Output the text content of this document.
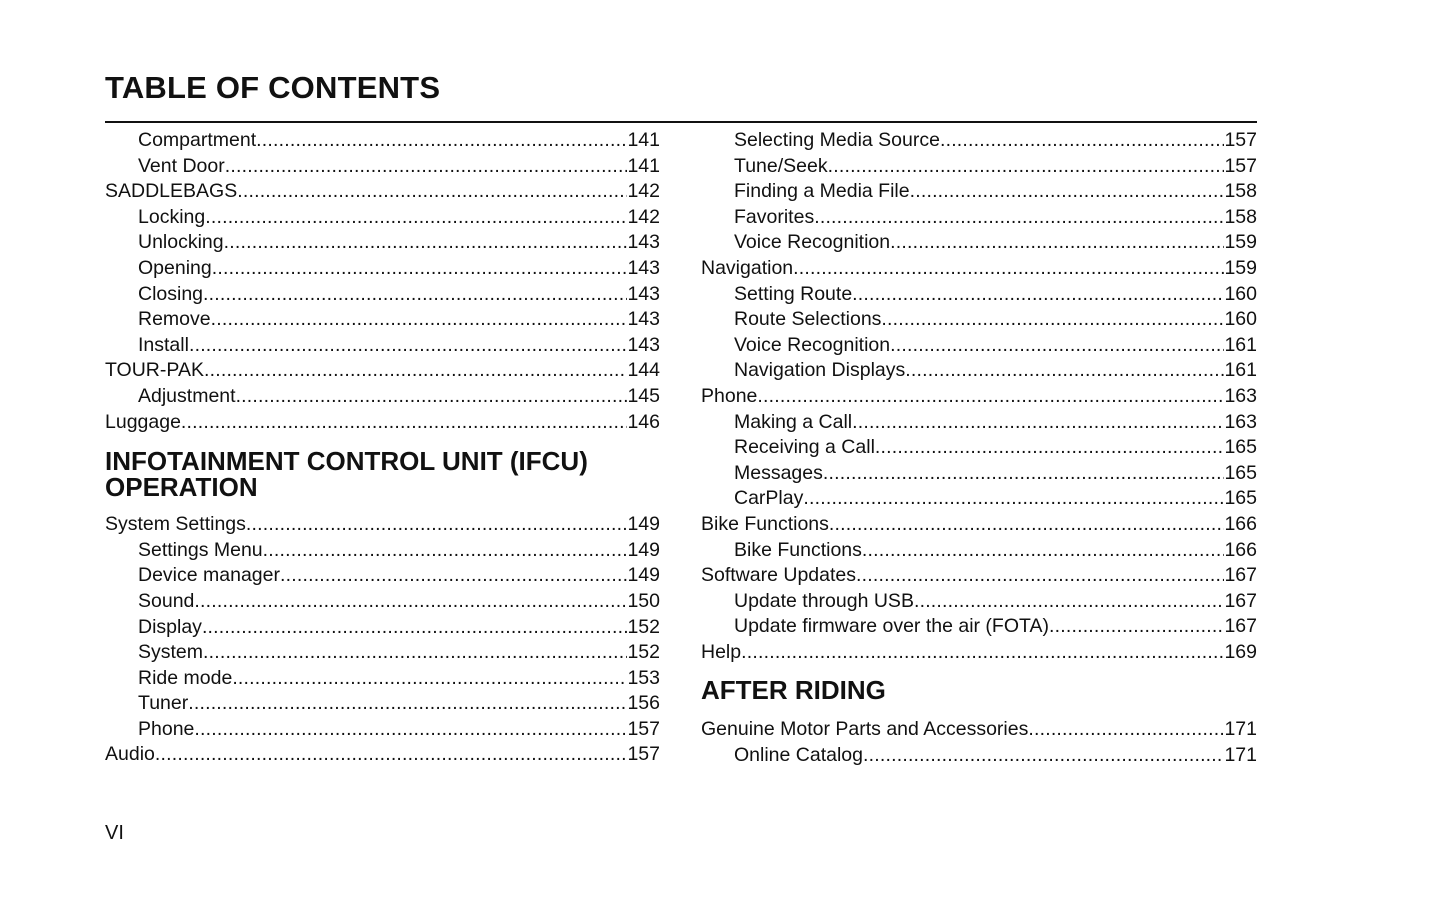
TABLE OF CONTENTS
Compartment .....	141
Vent Door .....	141
SADDLEBAGS .....	142
Locking .....	142
Unlocking .....	143
Opening .....	143
Closing .....	143
Remove .....	143
Install .....	143
TOUR-PAK .....	144
Adjustment .....	145
Luggage .....	146
INFOTAINMENT CONTROL UNIT (IFCU)
OPERATION
System Settings .....	149
Settings Menu .....	149
Device manager .....	149
Sound .....	150
Display .....	152
System .....	152
Ride mode .....	153
Tuner .....	156
Phone .....	157
Audio .....	157
Selecting Media Source .....	157
Tune/Seek .....	157
Finding a Media File .....	158
Favorites .....	158
Voice Recognition .....	159
Navigation .....	159
Setting Route .....	160
Route Selections .....	160
Voice Recognition .....	161
Navigation Displays .....	161
Phone .....	163
Making a Call .....	163
Receiving a Call .....	165
Messages .....	165
CarPlay .....	165
Bike Functions .....	166
Bike Functions .....	166
Software Updates .....	167
Update through USB .....	167
Update firmware over the air (FOTA) .....	167
Help .....	169
AFTER RIDING
Genuine Motor Parts and Accessories .....	171
Online Catalog .....	171
VI
